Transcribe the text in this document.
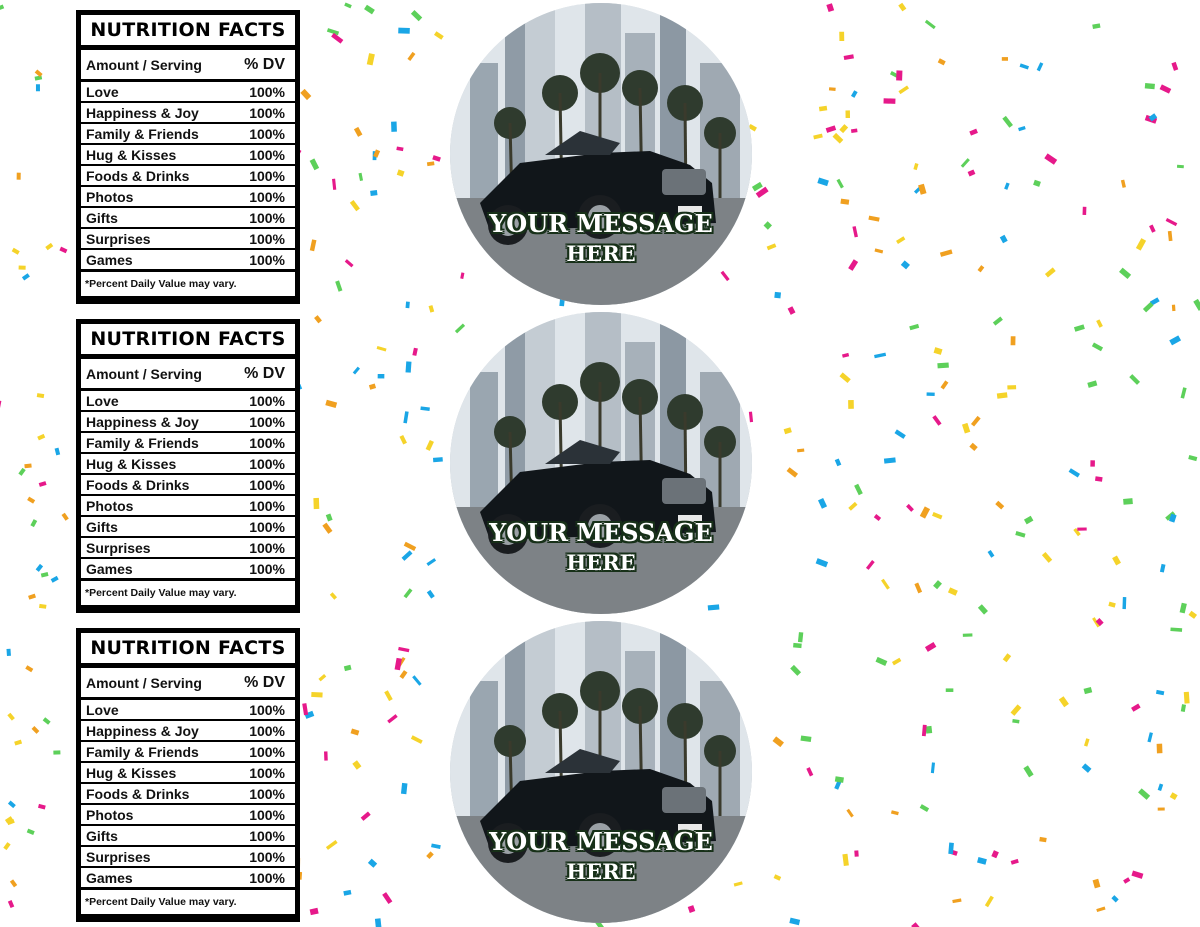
NUTRITION FACTS
Amount / Serving	% DV
Love	100%
Happiness & Joy	100%
Family & Friends	100%
Hug & Kisses	100%
Foods & Drinks	100%
Photos	100%
Gifts	100%
Surprises	100%
Games	100%
*Percent Daily Value may vary.
YOUR MESSAGE
HERE
NUTRITION FACTS
Amount / Serving	% DV
Love	100%
Happiness & Joy	100%
Family & Friends	100%
Hug & Kisses	100%
Foods & Drinks	100%
Photos	100%
Gifts	100%
Surprises	100%
Games	100%
*Percent Daily Value may vary.
YOUR MESSAGE
HERE
NUTRITION FACTS
Amount / Serving	% DV
Love	100%
Happiness & Joy	100%
Family & Friends	100%
Hug & Kisses	100%
Foods & Drinks	100%
Photos	100%
Gifts	100%
Surprises	100%
Games	100%
*Percent Daily Value may vary.
YOUR MESSAGE
HERE
